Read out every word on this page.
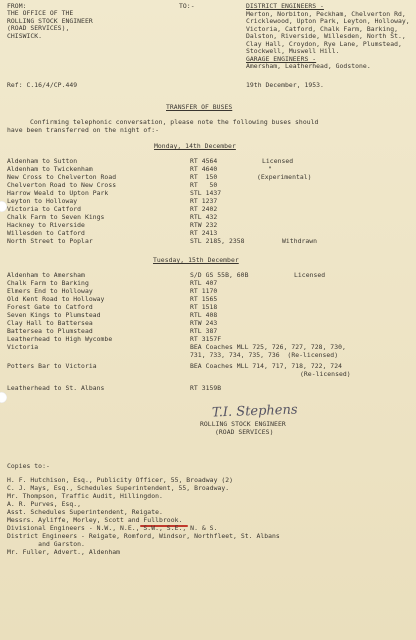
FROM:
THE OFFICE OF THE
ROLLING STOCK ENGINEER
(ROAD SERVICES),
CHISWICK.
TO:-	DISTRICT ENGINEERS -
Merton, Norbiton, Peckham, Chelverton Rd,
Cricklewood, Upton Park, Leyton, Holloway,
Victoria, Catford, Chalk Farm, Barking,
Dalston, Riverside, Willesden, North St.,
Clay Hall, Croydon, Rye Lane, Plumstead,
Stockwell, Muswell Hill.
GARAGE ENGINEERS -
Amersham, Leatherhead, Godstone.
Ref: C.16/4/CP.449	19th December, 1953.
TRANSFER OF BUSES
Confirming telephonic conversation, please note the following buses should
have been transferred on the night of:-
Monday, 14th December
Aldenham to Sutton	RT 4564	Licensed
Aldenham to Twickenham	RT 4640	"
New Cross to Chelverton Road	RT  150	(Experimental)
Chelverton Road to New Cross	RT   50
Harrow Weald to Upton Park	STL 1437
Leyton to Holloway	RT 1237
Victoria to Catford	RT 2402
Chalk Farm to Seven Kings	RTL 432
Hackney to Riverside	RTW 232
Willesden to Catford	RT 2413
North Street to Poplar	STL 2185, 2358	Withdrawn
Tuesday, 15th December
Aldenham to Amersham	S/D GS 55B, 60B	Licensed
Chalk Farm to Barking	RTL 407
Elmers End to Holloway	RT 1170
Old Kent Road to Holloway	RT 1565
Forest Gate to Catford	RT 1518
Seven Kings to Plumstead	RTL 408
Clay Hall to Battersea	RTW 243
Battersea to Plumstead	RTL 387
Leatherhead to High Wycombe	RT 3157F
Victoria	BEA Coaches MLL 725, 726, 727, 728, 730,
731, 733, 734, 735, 736  (Re-licensed)
Potters Bar to Victoria	BEA Coaches MLL 714, 717, 718, 722, 724
(Re-licensed)
Leatherhead to St. Albans	RT 3159B
T.I. Stephens
ROLLING STOCK ENGINEER
(ROAD SERVICES)
Copies to:-
H. F. Hutchison, Esq., Publicity Officer, 55, Broadway (2)
C. J. Mays, Esq., Schedules Superintendent, 55, Broadway.
Mr. Thompson, Traffic Audit, Hillingdon.
A. R. Purves, Esq.,
Asst. Schedules Superintendent, Reigate.
Messrs. Ayliffe, Morley, Scott and Fullbrook.
Divisional Engineers - N.W., N.E., S.W., S.E., N. & S.
District Engineers - Reigate, Romford, Windsor, Northfleet, St. Albans
and Garston.
Mr. Fuller, Advert., Aldenham
